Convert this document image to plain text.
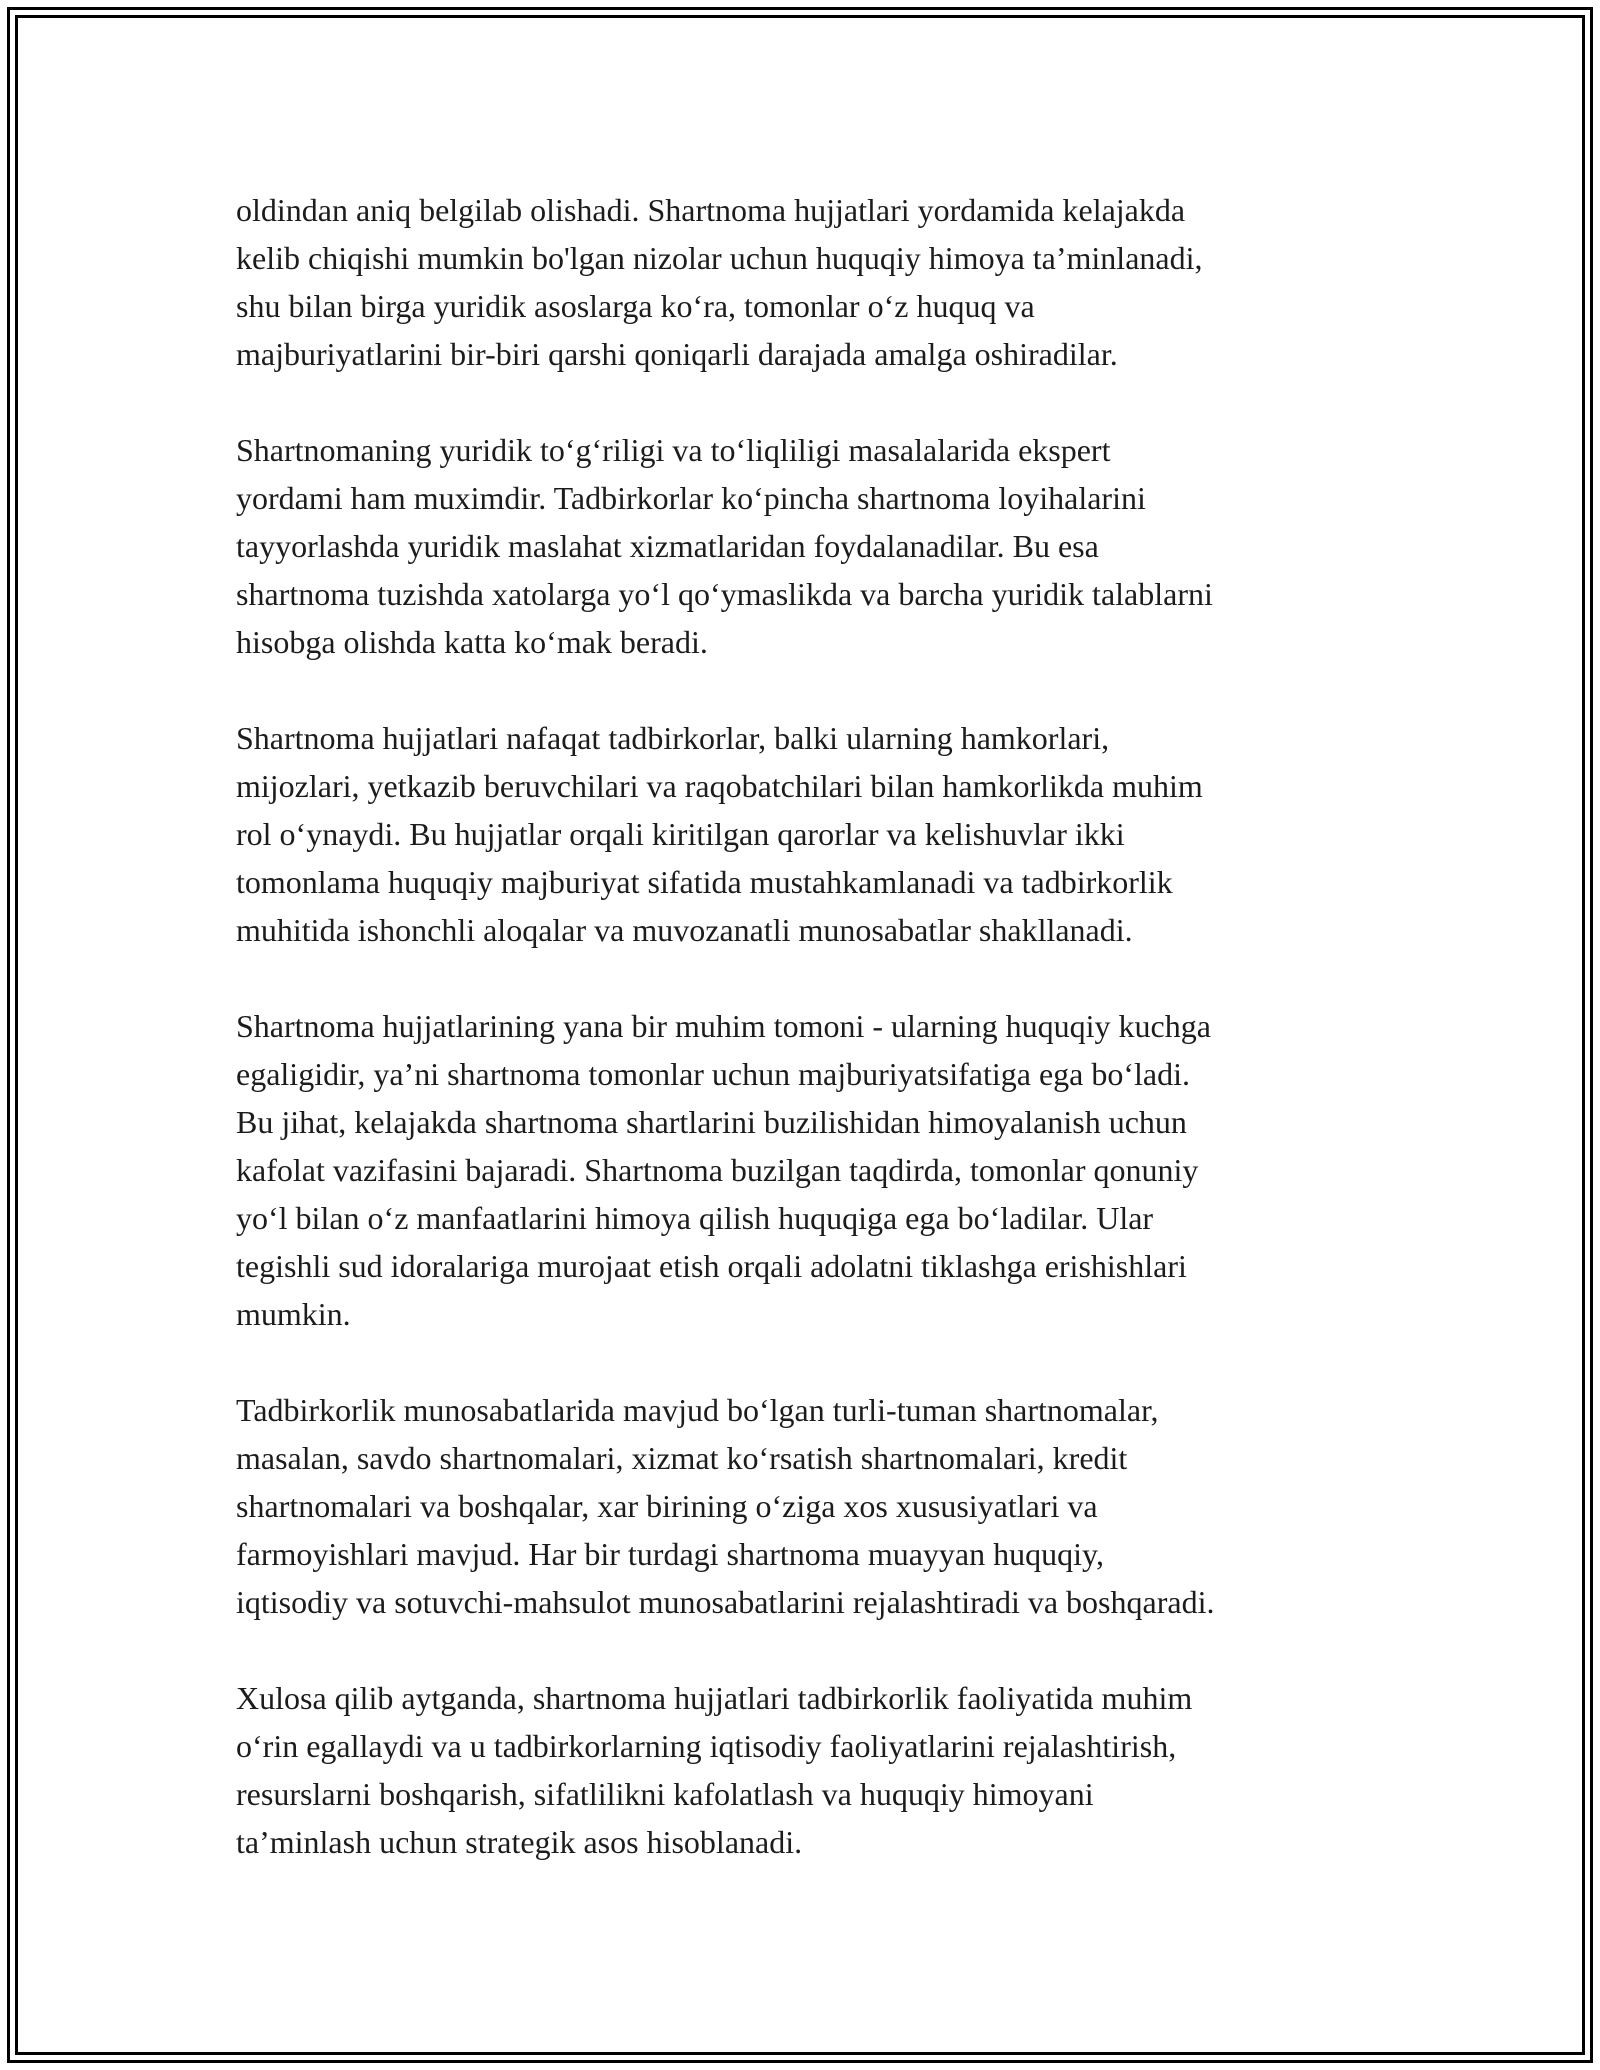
oldindan aniq belgilab olishadi. Shartnoma hujjatlari yordamida kelajakda
kelib chiqishi mumkin bo'lgan nizolar uchun huquqiy himoya ta’minlanadi,
shu bilan birga yuridik asoslarga ko‘ra, tomonlar o‘z huquq va
majburiyatlarini bir-biri qarshi qoniqarli darajada amalga oshiradilar.

Shartnomaning yuridik to‘g‘riligi va to‘liqliligi masalalarida ekspert
yordami ham muximdir. Tadbirkorlar ko‘pincha shartnoma loyihalarini
tayyorlashda yuridik maslahat xizmatlaridan foydalanadilar. Bu esa
shartnoma tuzishda xatolarga yo‘l qo‘ymaslikda va barcha yuridik talablarni
hisobga olishda katta ko‘mak beradi.

Shartnoma hujjatlari nafaqat tadbirkorlar, balki ularning hamkorlari,
mijozlari, yetkazib beruvchilari va raqobatchilari bilan hamkorlikda muhim
rol o‘ynaydi. Bu hujjatlar orqali kiritilgan qarorlar va kelishuvlar ikki
tomonlama huquqiy majburiyat sifatida mustahkamlanadi va tadbirkorlik
muhitida ishonchli aloqalar va muvozanatli munosabatlar shakllanadi.

Shartnoma hujjatlarining yana bir muhim tomoni - ularning huquqiy kuchga
egaligidir, ya’ni shartnoma tomonlar uchun majburiyatsifatiga ega bo‘ladi.
Bu jihat, kelajakda shartnoma shartlarini buzilishidan himoyalanish uchun
kafolat vazifasini bajaradi. Shartnoma buzilgan taqdirda, tomonlar qonuniy
yo‘l bilan o‘z manfaatlarini himoya qilish huquqiga ega bo‘ladilar. Ular
tegishli sud idoralariga murojaat etish orqali adolatni tiklashga erishishlari
mumkin.

Tadbirkorlik munosabatlarida mavjud bo‘lgan turli-tuman shartnomalar,
masalan, savdo shartnomalari, xizmat ko‘rsatish shartnomalari, kredit
shartnomalari va boshqalar, xar birining o‘ziga xos xususiyatlari va
farmoyishlari mavjud. Har bir turdagi shartnoma muayyan huquqiy,
iqtisodiy va sotuvchi-mahsulot munosabatlarini rejalashtiradi va boshqaradi.

Xulosa qilib aytganda, shartnoma hujjatlari tadbirkorlik faoliyatida muhim
o‘rin egallaydi va u tadbirkorlarning iqtisodiy faoliyatlarini rejalashtirish,
resurslarni boshqarish, sifatlilikni kafolatlash va huquqiy himoyani
ta’minlash uchun strategik asos hisoblanadi.
